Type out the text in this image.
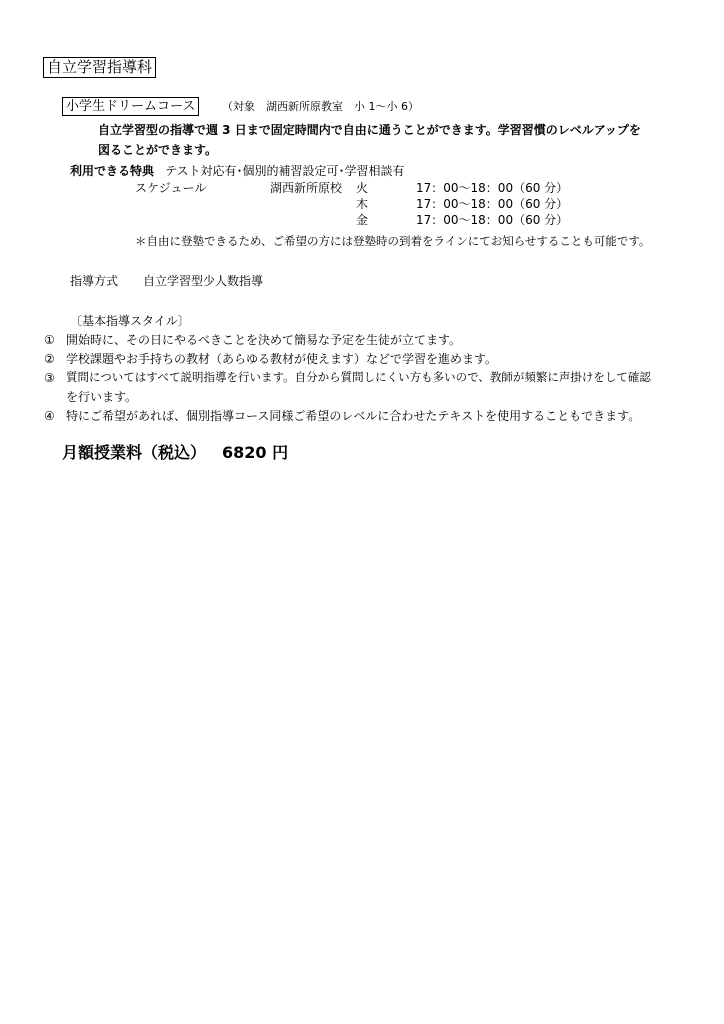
自立学習指導科
小学生ドリームコース	（対象　湖西新所原教室　小 1～小 6）
自立学習型の指導で週 3 日まで固定時間内で自由に通うことができます。学習習慣のレベルアップを
図ることができます。
利用できる特典 テスト対応有･個別的補習設定可･学習相談有
スケジュール	湖西新所原校 火	17：00～18：00（60 分）
木	17：00～18：00（60 分）
金	17：00～18：00（60 分）
＊自由に登塾できるため、ご希望の方には登塾時の到着をラインにてお知らせすることも可能です。
指導方式 自立学習型少人数指導
〔基本指導スタイル〕
① 開始時に、その日にやるべきことを決めて簡易な予定を生徒が立てます。
② 学校課題やお手持ちの教材（あらゆる教材が使えます）などで学習を進めます。
③ 質問についてはすべて説明指導を行います。自分から質問しにくい方も多いので、教師が頻繁に声掛けをして確認
を行います。
④ 特にご希望があれば、個別指導コース同様ご希望のレベルに合わせたテキストを使用することもできます。
月額授業料（税込） 6820 円
